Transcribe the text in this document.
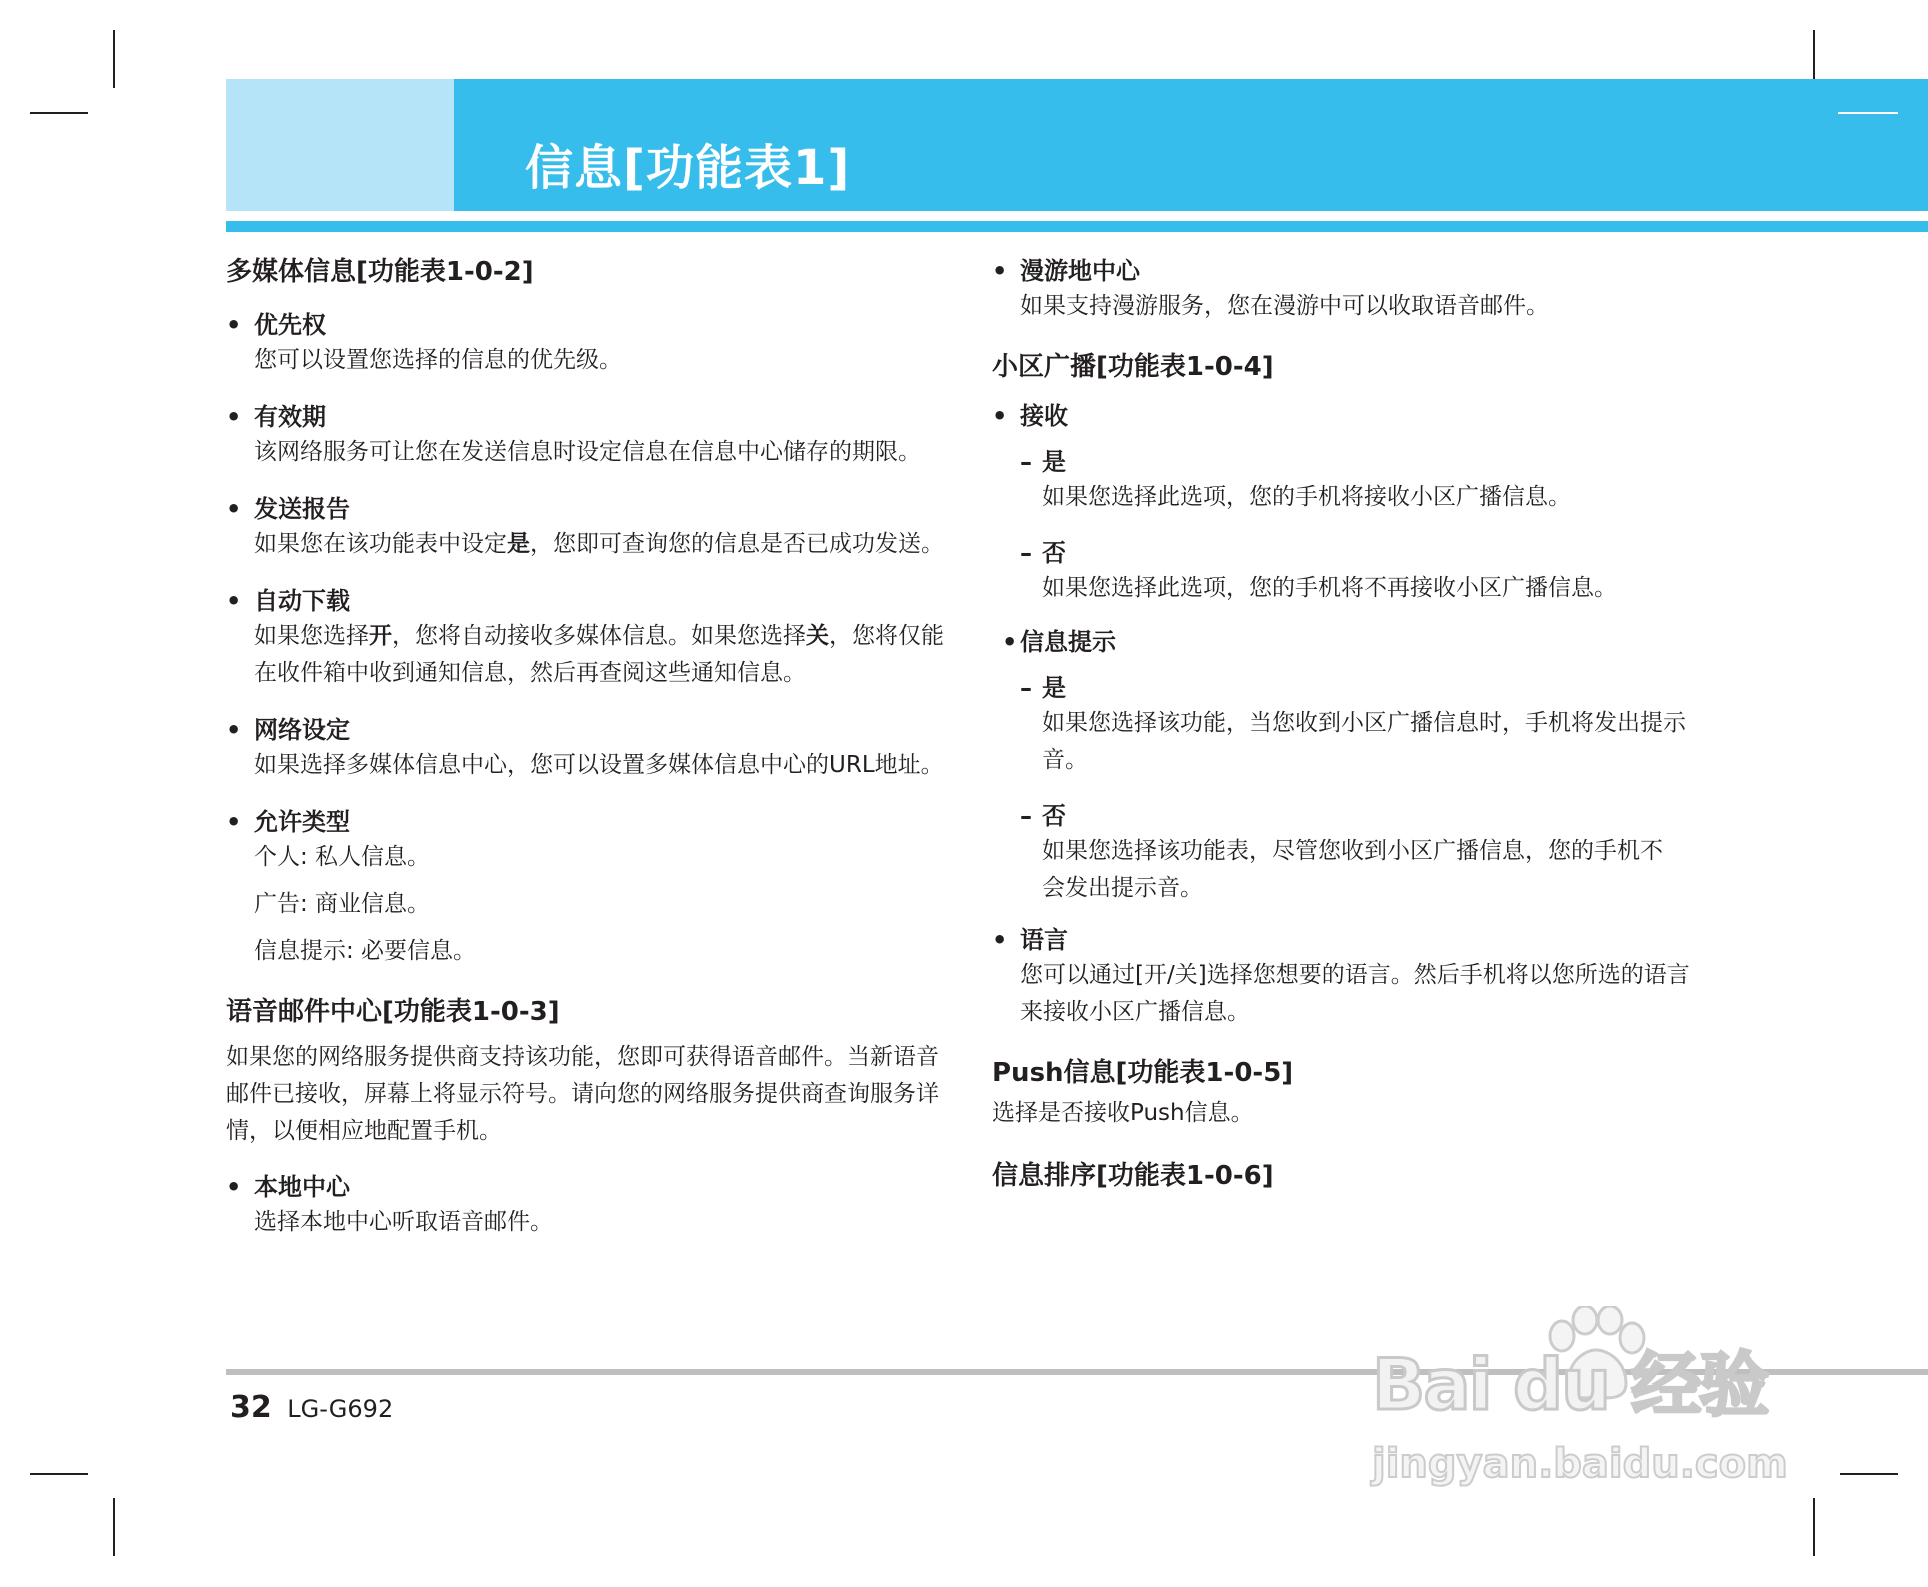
信息[功能表1]
多媒体信息[功能表1-0-2]
• 优先权

您可以设置您选择的信息的优先级。

• 有效期

该网络服务可让您在发送信息时设定信息在信息中心储存的期限。

• 发送报告

如果您在该功能表中设定是，您即可查询您的信息是否已成功发送。

• 自动下载

如果您选择开，您将自动接收多媒体信息。如果您选择关，您将仅能在收件箱中收到通知信息，然后再查阅这些通知信息。

• 网络设定

如果选择多媒体信息中心，您可以设置多媒体信息中心的URL地址。

• 允许类型

个人: 私人信息。

广告: 商业信息。

信息提示: 必要信息。

语音邮件中心[功能表1-0-3]

如果您的网络服务提供商支持该功能，您即可获得语音邮件。当新语音邮件已接收，屏幕上将显示符号。请向您的网络服务提供商查询服务详情，以便相应地配置手机。

• 本地中心

选择本地中心听取语音邮件。

• 漫游地中心

如果支持漫游服务，您在漫游中可以收取语音邮件。

小区广播[功能表1-0-4]
• 接收
– 是

如果您选择此选项，您的手机将接收小区广播信息。

– 否

如果您选择此选项，您的手机将不再接收小区广播信息。

• 信息提示
– 是

如果您选择该功能，当您收到小区广播信息时，手机将发出提示音。

– 否

如果您选择该功能表，尽管您收到小区广播信息，您的手机不会发出提示音。

• 语言

您可以通过[开/关]选择您想要的语言。然后手机将以您所选的语言来接收小区广播信息。

Push信息[功能表1-0-5]

选择是否接收Push信息。

信息排序[功能表1-0-6]
32 LG-G692	Bai du 经验
jingyan.baidu.com
